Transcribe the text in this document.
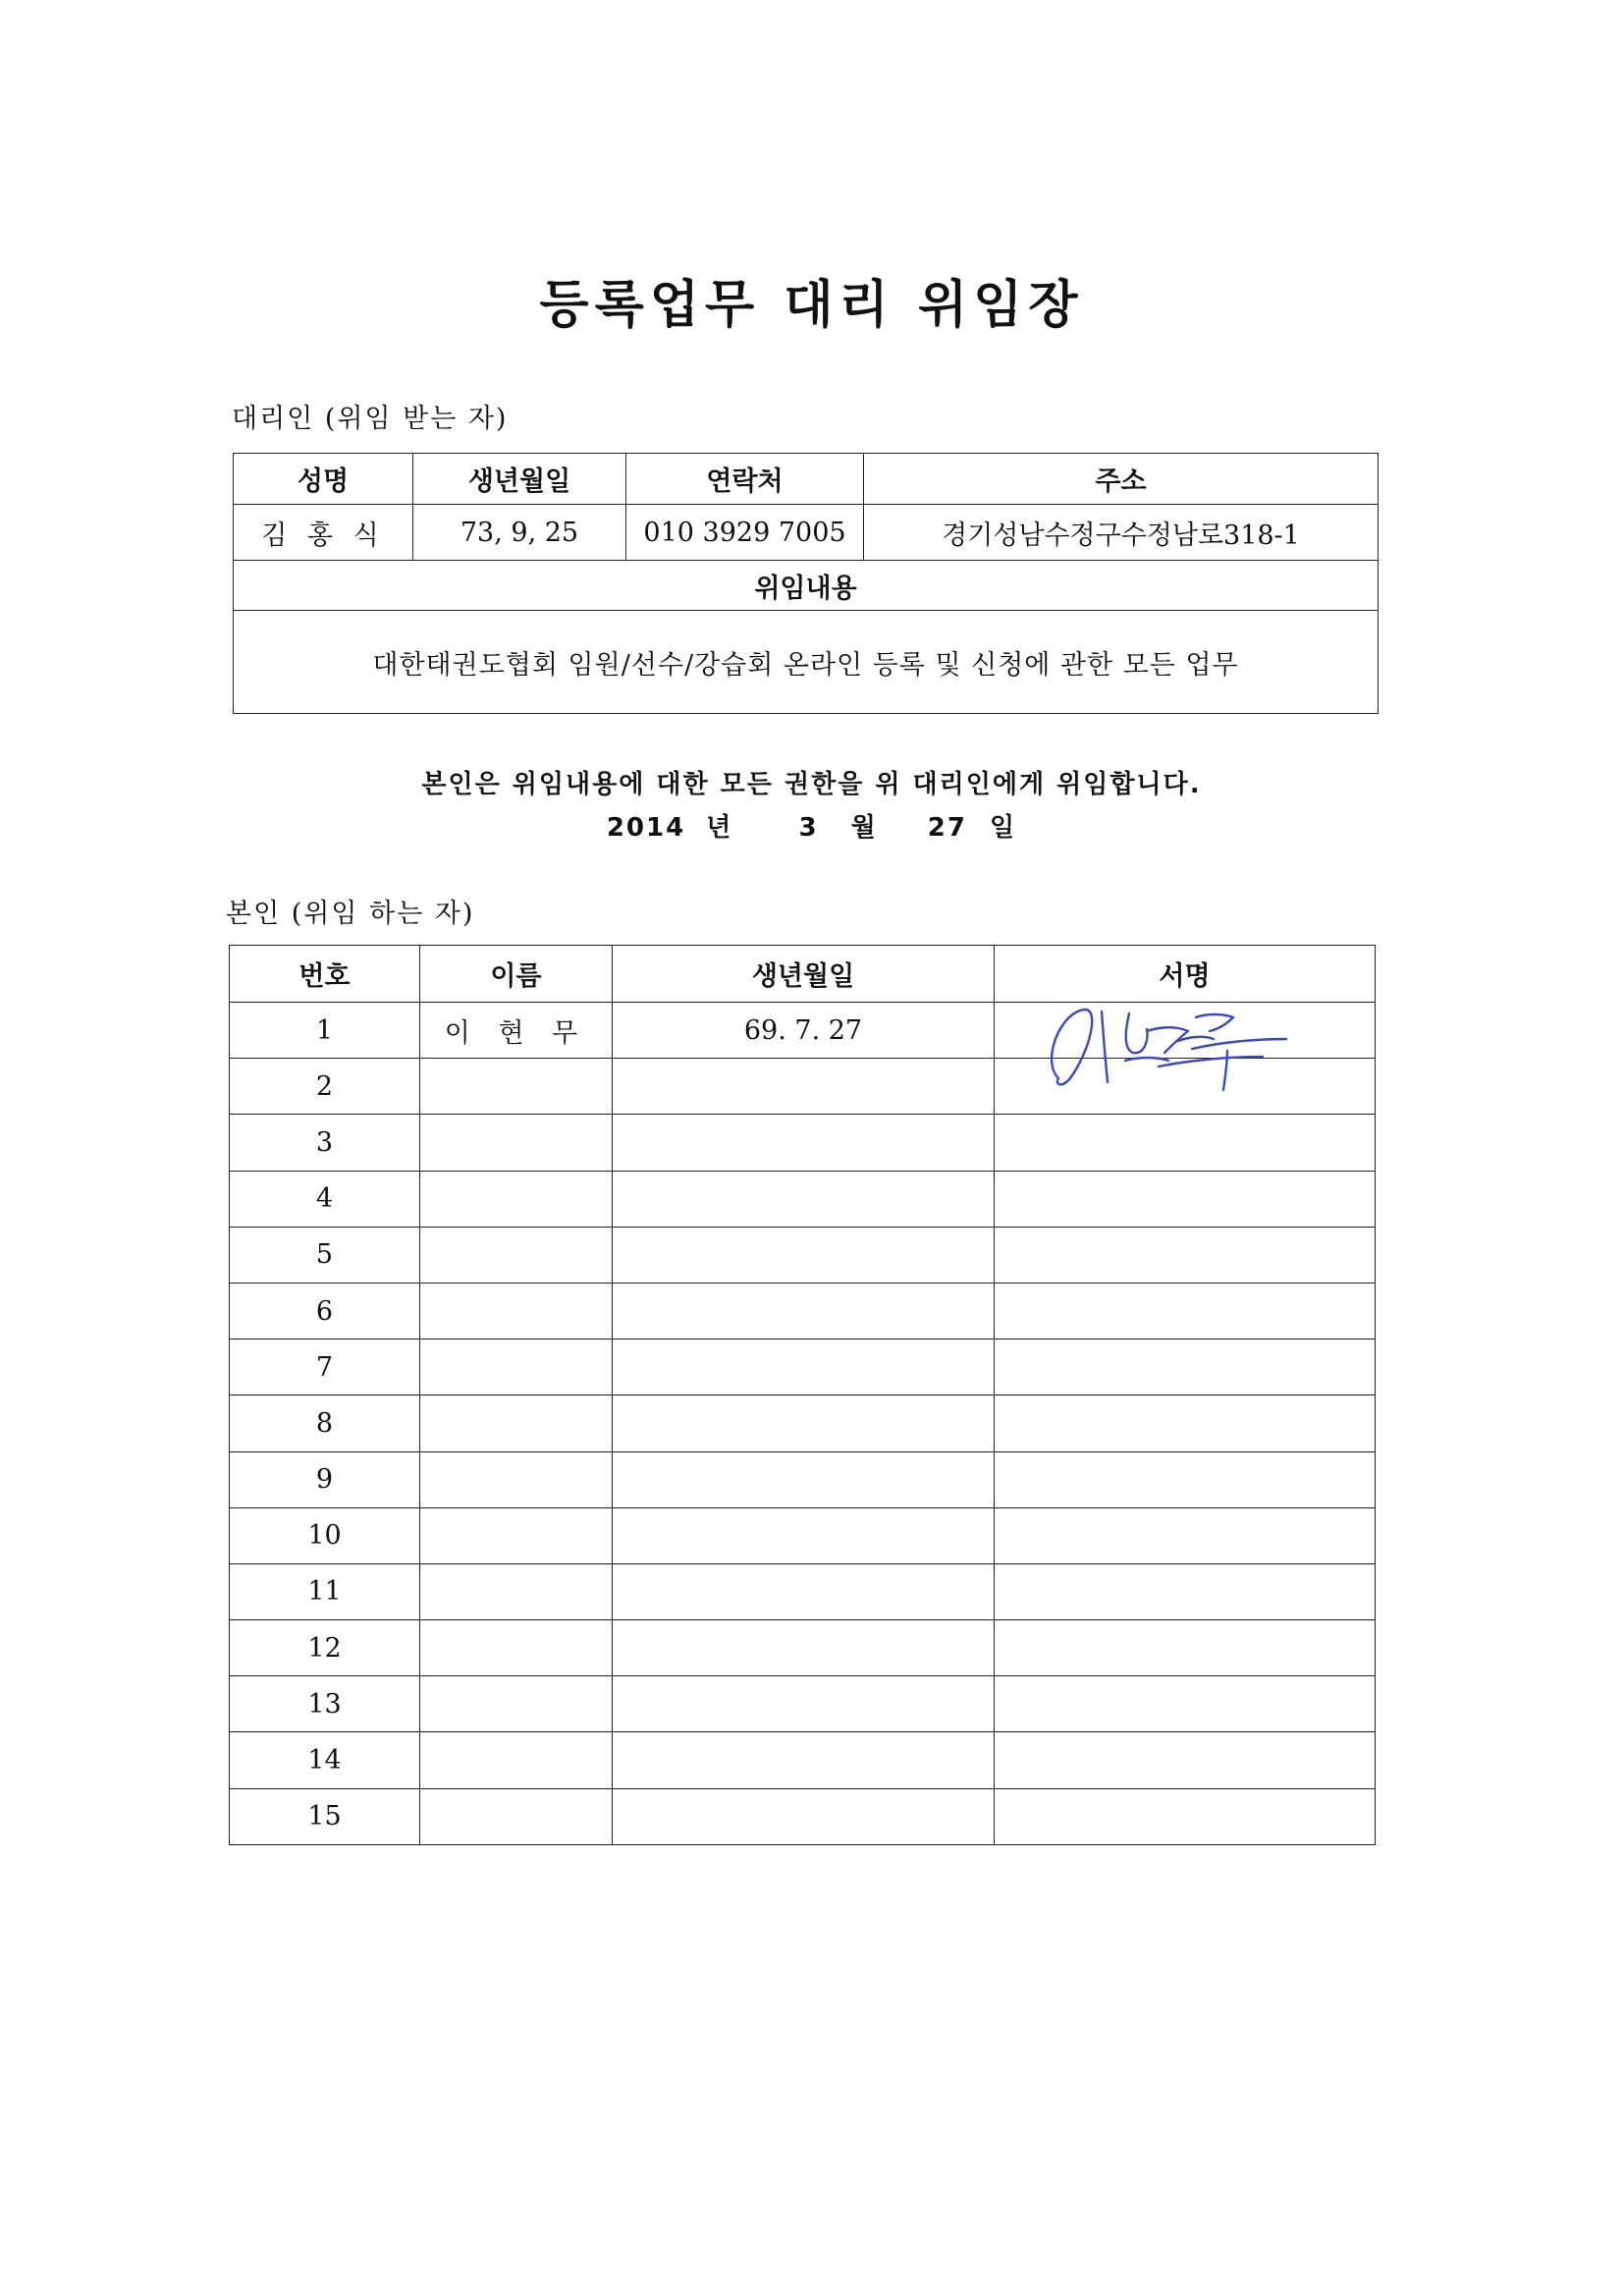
등록업무 대리 위임장
대리인 (위임 받는 자)
성명	생년월일	연락처	주소
김 홍 식	73, 9, 25	010 3929 7005	경기성남수정구수정남로318-1
위임내용			
대한태권도협회 임원/선수/강습회 온라인 등록 및 신청에 관한 모든 업무			
본인은 위임내용에 대한 모든 권한을 위 대리인에게 위임합니다.
2014 년	3 월 27 일
본인 (위임 하는 자)
번호	이름	생년월일	서명
1	이 현 무	69. 7. 27	
2			
3			
4			
5			
6			
7			
8			
9			
10			
11			
12			
13			
14			
15			
